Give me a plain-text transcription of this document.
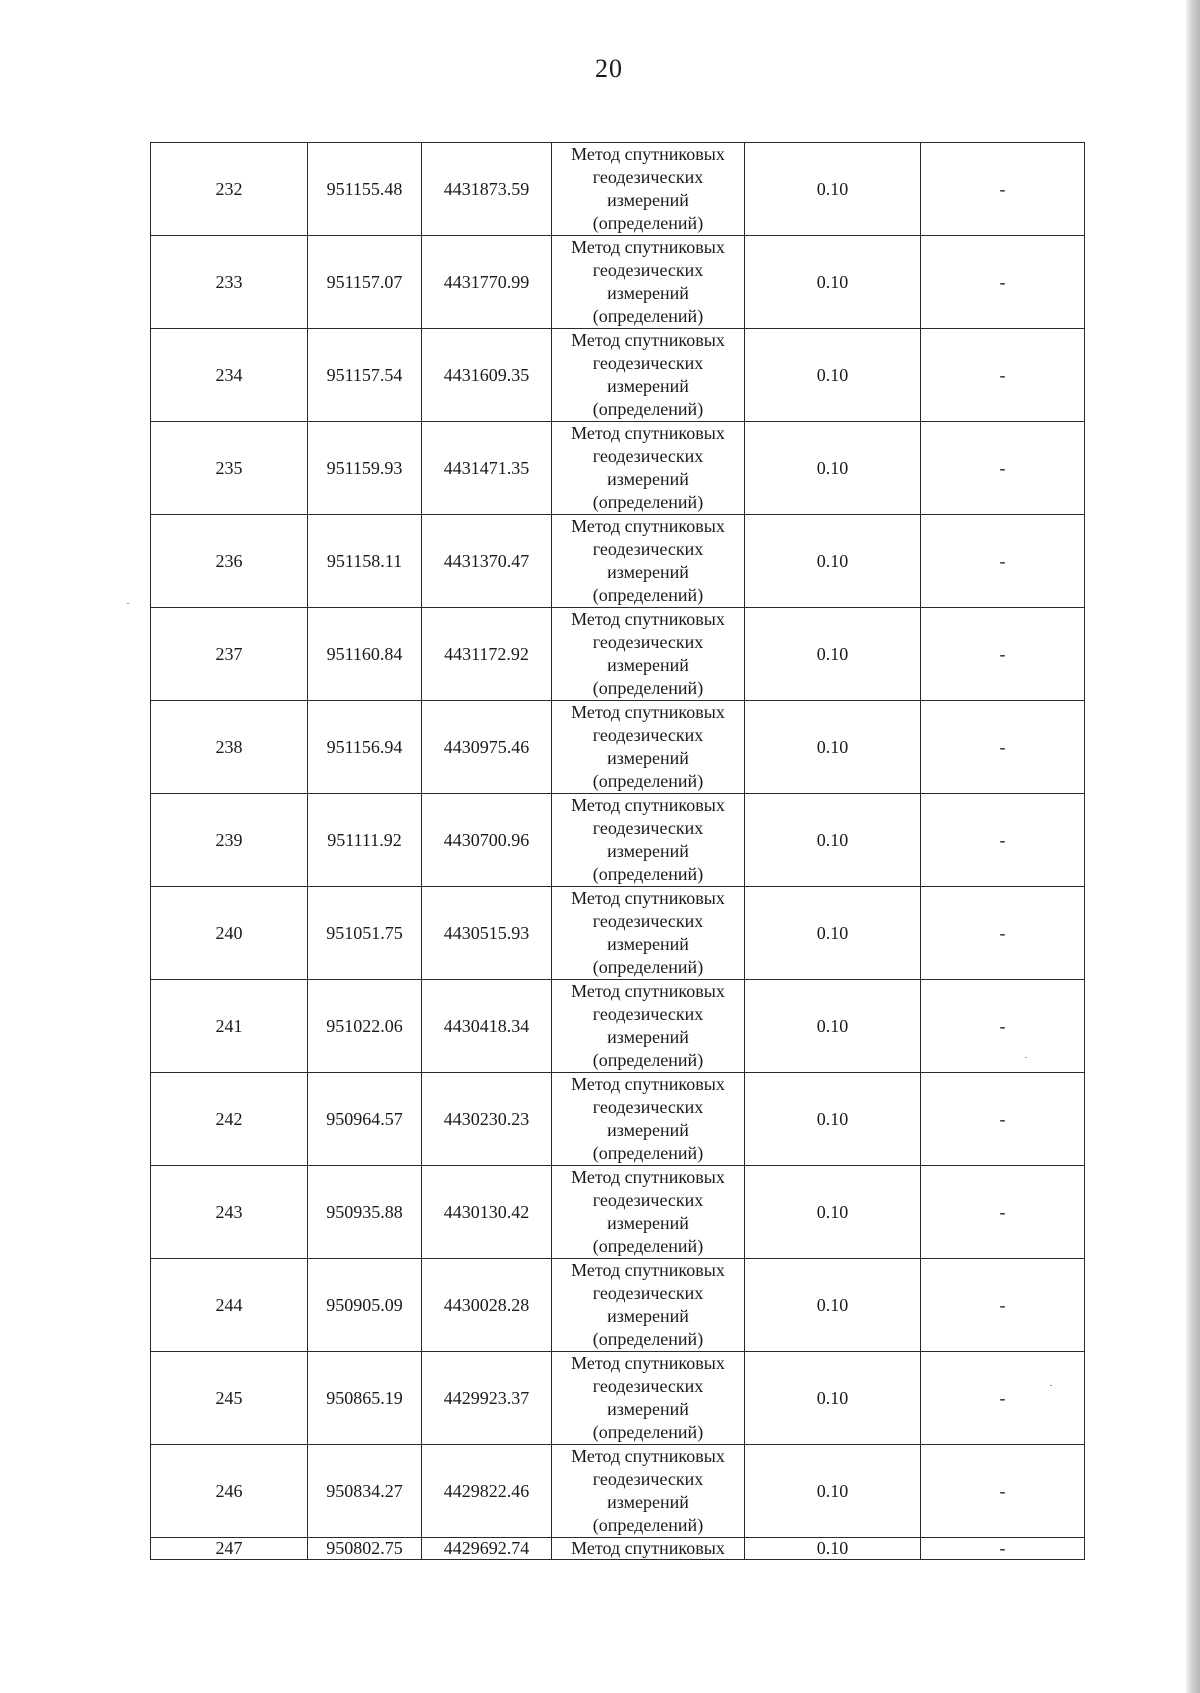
20
232	951155.48	4431873.59	Метод спутниковых
геодезических
измерений
(определений)	0.10	-
233	951157.07	4431770.99	Метод спутниковых
геодезических
измерений
(определений)	0.10	-
234	951157.54	4431609.35	Метод спутниковых
геодезических
измерений
(определений)	0.10	-
235	951159.93	4431471.35	Метод спутниковых
геодезических
измерений
(определений)	0.10	-
236	951158.11	4431370.47	Метод спутниковых
геодезических
измерений
(определений)	0.10	-
237	951160.84	4431172.92	Метод спутниковых
геодезических
измерений
(определений)	0.10	-
238	951156.94	4430975.46	Метод спутниковых
геодезических
измерений
(определений)	0.10	-
239	951111.92	4430700.96	Метод спутниковых
геодезических
измерений
(определений)	0.10	-
240	951051.75	4430515.93	Метод спутниковых
геодезических
измерений
(определений)	0.10	-
241	951022.06	4430418.34	Метод спутниковых
геодезических
измерений
(определений)	0.10	-
242	950964.57	4430230.23	Метод спутниковых
геодезических
измерений
(определений)	0.10	-
243	950935.88	4430130.42	Метод спутниковых
геодезических
измерений
(определений)	0.10	-
244	950905.09	4430028.28	Метод спутниковых
геодезических
измерений
(определений)	0.10	-
245	950865.19	4429923.37	Метод спутниковых
геодезических
измерений
(определений)	0.10	-
246	950834.27	4429822.46	Метод спутниковых
геодезических
измерений
(определений)	0.10	-
247	950802.75	4429692.74	Метод спутниковых	0.10	-
